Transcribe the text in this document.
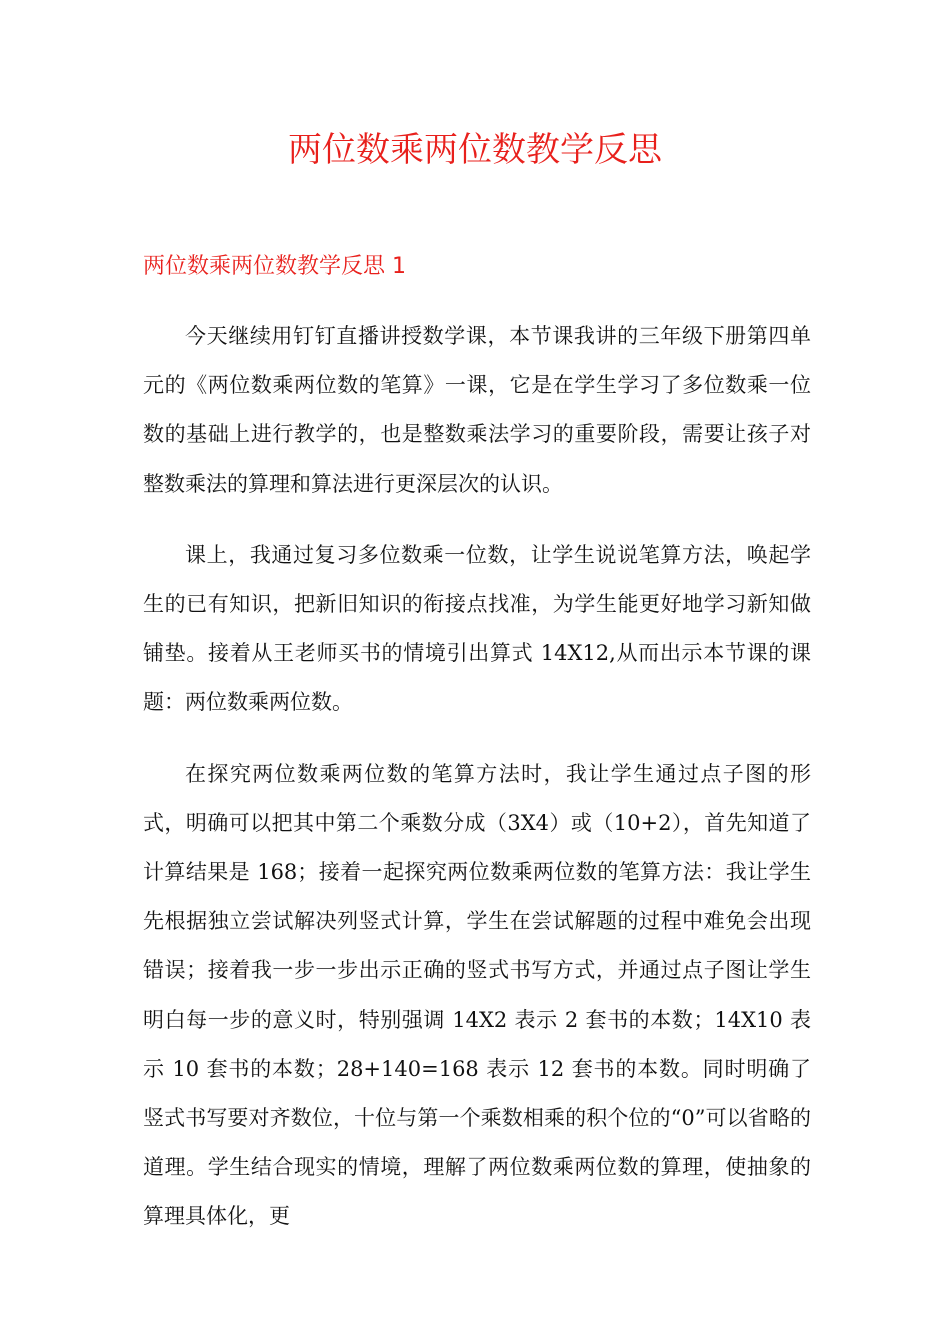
两位数乘两位数教学反思
两位数乘两位数教学反思 1

今天继续用钉钉直播讲授数学课，本节课我讲的三年级下册第四单元的《两位数乘两位数的笔算》一课，它是在学生学习了多位数乘一位数的基础上进行教学的，也是整数乘法学习的重要阶段，需要让孩子对整数乘法的算理和算法进行更深层次的认识。

课上，我通过复习多位数乘一位数，让学生说说笔算方法，唤起学生的已有知识，把新旧知识的衔接点找准，为学生能更好地学习新知做铺垫。接着从王老师买书的情境引出算式 14X12,从而出示本节课的课题：两位数乘两位数。

在探究两位数乘两位数的笔算方法时，我让学生通过点子图的形式，明确可以把其中第二个乘数分成（3X4）或（10+2），首先知道了计算结果是 168；接着一起探究两位数乘两位数的笔算方法：我让学生先根据独立尝试解决列竖式计算，学生在尝试解题的过程中难免会出现错误；接着我一步一步出示正确的竖式书写方式，并通过点子图让学生明白每一步的意义时，特别强调 14X2 表示 2 套书的本数；14X10 表示 10 套书的本数；28+140=168 表示 12 套书的本数。同时明确了竖式书写要对齐数位，十位与第一个乘数相乘的积个位的“0”可以省略的道理。学生结合现实的情境，理解了两位数乘两位数的算理，使抽象的算理具体化，更
